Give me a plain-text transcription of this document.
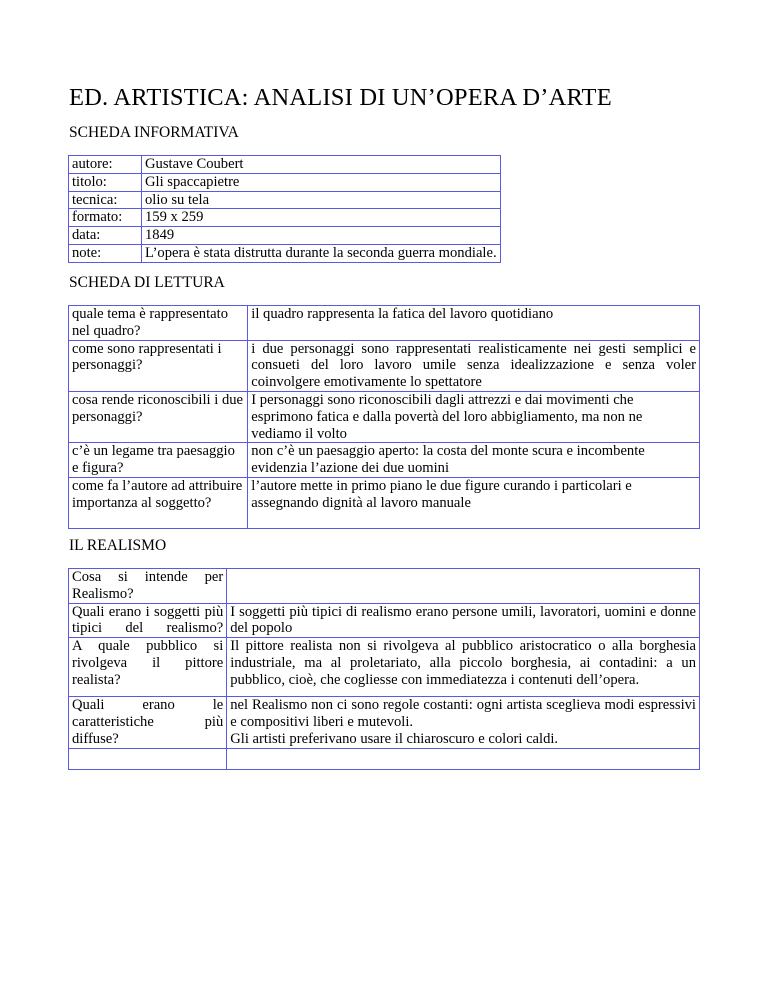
ED. ARTISTICA: ANALISI DI UN’OPERA D’ARTE

SCHEDA INFORMATIVA

autore:	Gustave Coubert
titolo:	Gli spaccapietre
tecnica:	olio su tela
formato:	159 x 259
data:	1849
note:	L’opera è stata distrutta durante la seconda guerra mondiale.

SCHEDA DI LETTURA

quale tema è rappresentato nel quadro?	il quadro rappresenta la fatica del lavoro quotidiano
come sono rappresentati i personaggi?	i due personaggi sono rappresentati realisticamente nei gesti semplici e consueti del loro lavoro umile senza idealizzazione e senza voler coinvolgere emotivamente lo spettatore
cosa rende riconoscibili i due personaggi?	I personaggi sono riconoscibili dagli attrezzi e dai movimenti che esprimono fatica e dalla povertà del loro abbigliamento, ma non ne vediamo il volto
c’è un legame tra paesaggio e figura?	non c’è un paesaggio aperto: la costa del monte scura e incombente evidenzia l’azione dei due uomini
come fa l’autore ad attribuire importanza al soggetto?	l’autore mette in primo piano le due figure curando i particolari e assegnando dignità al lavoro manuale

IL REALISMO

Cosa si intende per Realismo?	
Quali erano i soggetti più tipici del realismo?	I soggetti più tipici di realismo erano persone umili, lavoratori, uomini e donne del popolo
A quale pubblico si rivolgeva il pittore realista?	Il pittore realista non si rivolgeva al pubblico aristocratico o alla borghesia industriale, ma al proletariato, alla piccolo borghesia, ai contadini: a un pubblico, cioè, che cogliesse con immediatezza i contenuti dell’opera.
Quali erano le caratteristiche più diffuse?	nel Realismo non ci sono regole costanti: ogni artista sceglieva modi espressivi e compositivi liberi e mutevoli.
Gli artisti preferivano usare il chiaroscuro e colori caldi.
